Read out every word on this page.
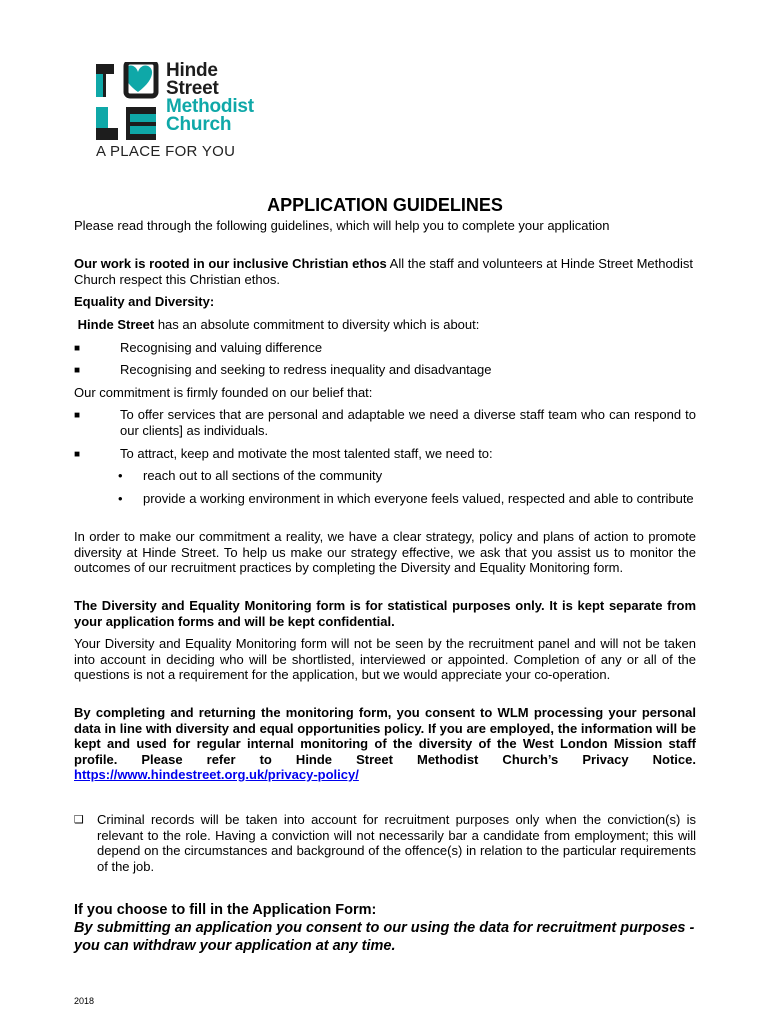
Hinde
Street
Methodist
Church
A PLACE FOR YOU
APPLICATION GUIDELINES
Please read through the following guidelines, which will help you to complete your application
Our work is rooted in our inclusive Christian ethos All the staff and volunteers at Hinde Street Methodist Church respect this Christian ethos.
Equality and Diversity:
Hinde Street has an absolute commitment to diversity which is about:
■	Recognising and valuing difference
■	Recognising and seeking to redress inequality and disadvantage
Our commitment is firmly founded on our belief that:
■	To offer services that are personal and adaptable we need a diverse staff team who can respond to our clients] as individuals.
■	To attract, keep and motivate the most talented staff, we need to:
• reach out to all sections of the community
• provide a working environment in which everyone feels valued, respected and able to contribute
In order to make our commitment a reality, we have a clear strategy, policy and plans of action to promote diversity at Hinde Street. To help us make our strategy effective, we ask that you assist us to monitor the outcomes of our recruitment practices by completing the Diversity and Equality Monitoring form.
The Diversity and Equality Monitoring form is for statistical purposes only. It is kept separate from your application forms and will be kept confidential.
Your Diversity and Equality Monitoring form will not be seen by the recruitment panel and will not be taken into account in deciding who will be shortlisted, interviewed or appointed. Completion of any or all of the questions is not a requirement for the application, but we would appreciate your co-operation.
By completing and returning the monitoring form, you consent to WLM processing your personal data in line with diversity and equal opportunities policy. If you are employed, the information will be kept and used for regular internal monitoring of the diversity of the West London Mission staff profile. Please refer to Hinde Street Methodist Church’s Privacy Notice. https://www.hindestreet.org.uk/privacy-policy/
❑ Criminal records will be taken into account for recruitment purposes only when the conviction(s) is relevant to the role. Having a conviction will not necessarily bar a candidate from employment; this will depend on the circumstances and background of the offence(s) in relation to the particular requirements of the job.
If you choose to fill in the Application Form:
By submitting an application you consent to our using the data for recruitment purposes - you can withdraw your application at any time.
2018
